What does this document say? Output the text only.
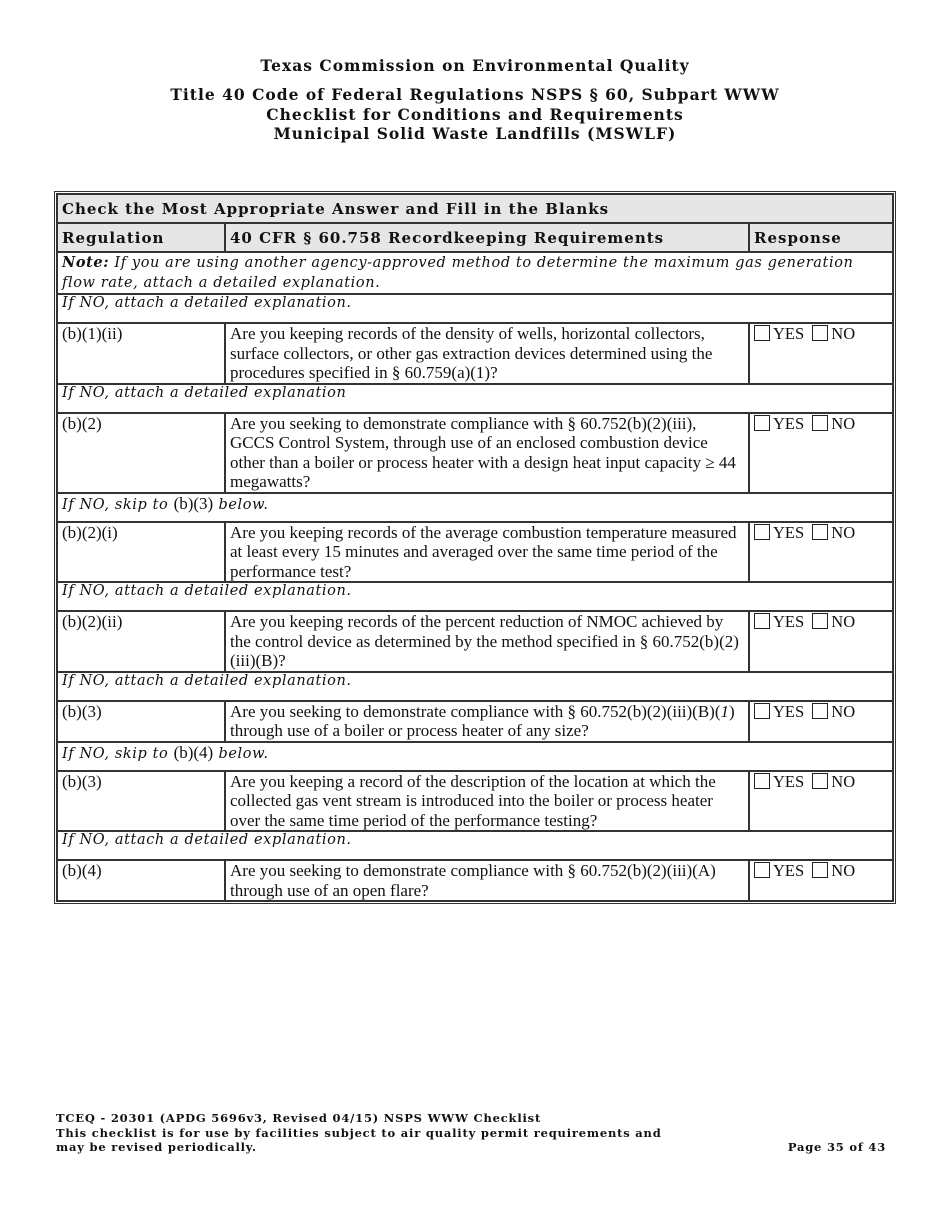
Texas Commission on Environmental Quality
Title 40 Code of Federal Regulations NSPS § 60, Subpart WWW
Checklist for Conditions and Requirements
Municipal Solid Waste Landfills (MSWLF)
Check the Most Appropriate Answer and Fill in the Blanks		
Regulation	40 CFR § 60.758 Recordkeeping Requirements	Response
Note: If you are using another agency-approved method to determine the maximum gas generation flow rate, attach a detailed explanation.		
If NO, attach a detailed explanation.		
(b)(1)(ii)	Are you keeping records of the density of wells, horizontal collectors, surface collectors, or other gas extraction devices determined using the procedures specified in § 60.759(a)(1)?	YES NO
If NO, attach a detailed explanation		
(b)(2)	Are you seeking to demonstrate compliance with § 60.752(b)(2)(iii), GCCS Control System, through use of an enclosed combustion device other than a boiler or process heater with a design heat input capacity ≥ 44 megawatts?	YES NO
If NO, skip to (b)(3) below.		
(b)(2)(i)	Are you keeping records of the average combustion temperature measured at least every 15 minutes and averaged over the same time period of the performance test?	YES NO
If NO, attach a detailed explanation.		
(b)(2)(ii)	Are you keeping records of the percent reduction of NMOC achieved by the control device as determined by the method specified in § 60.752(b)(2)(iii)(B)?	YES NO
If NO, attach a detailed explanation.		
(b)(3)	Are you seeking to demonstrate compliance with § 60.752(b)(2)(iii)(B)(1) through use of a boiler or process heater of any size?	YES NO
If NO, skip to (b)(4) below.		
(b)(3)	Are you keeping a record of the description of the location at which the collected gas vent stream is introduced into the boiler or process heater over the same time period of the performance testing?	YES NO
If NO, attach a detailed explanation.		
(b)(4)	Are you seeking to demonstrate compliance with § 60.752(b)(2)(iii)(A) through use of an open flare?	YES NO
TCEQ - 20301 (APDG 5696v3, Revised 04/15) NSPS WWW Checklist
This checklist is for use by facilities subject to air quality permit requirements and
may be revised periodically.	Page 35 of 43
